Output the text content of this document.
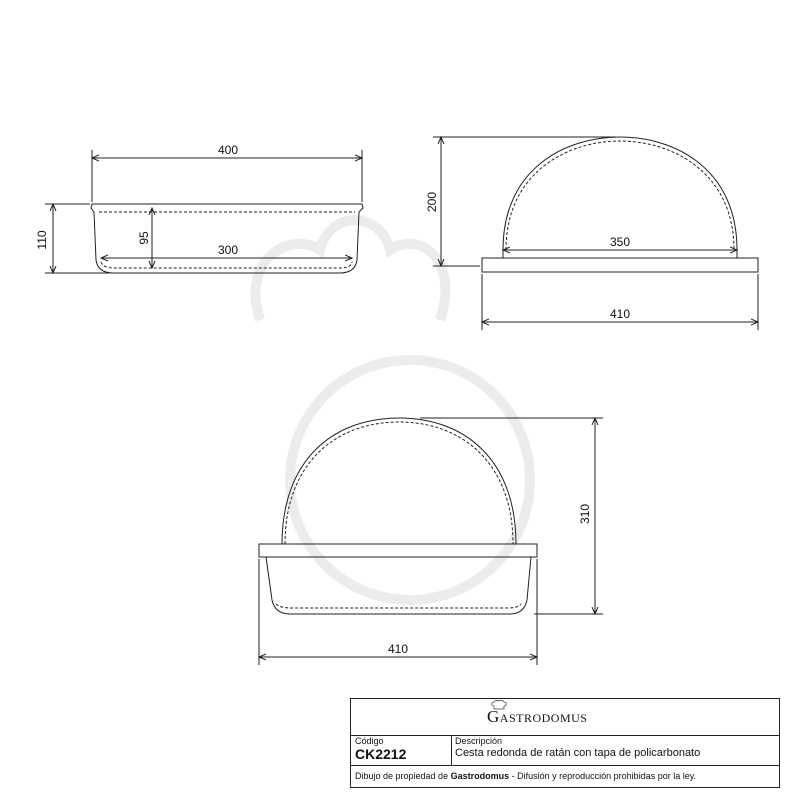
400
300
95
110
200
350
410
310
410
Gastrodomus
Código
CK2212
Descripción
Cesta redonda de ratán con tapa de policarbonato
Dibujo de propiedad de Gastrodomus - Difusión y reproducción prohibidas por la ley.
